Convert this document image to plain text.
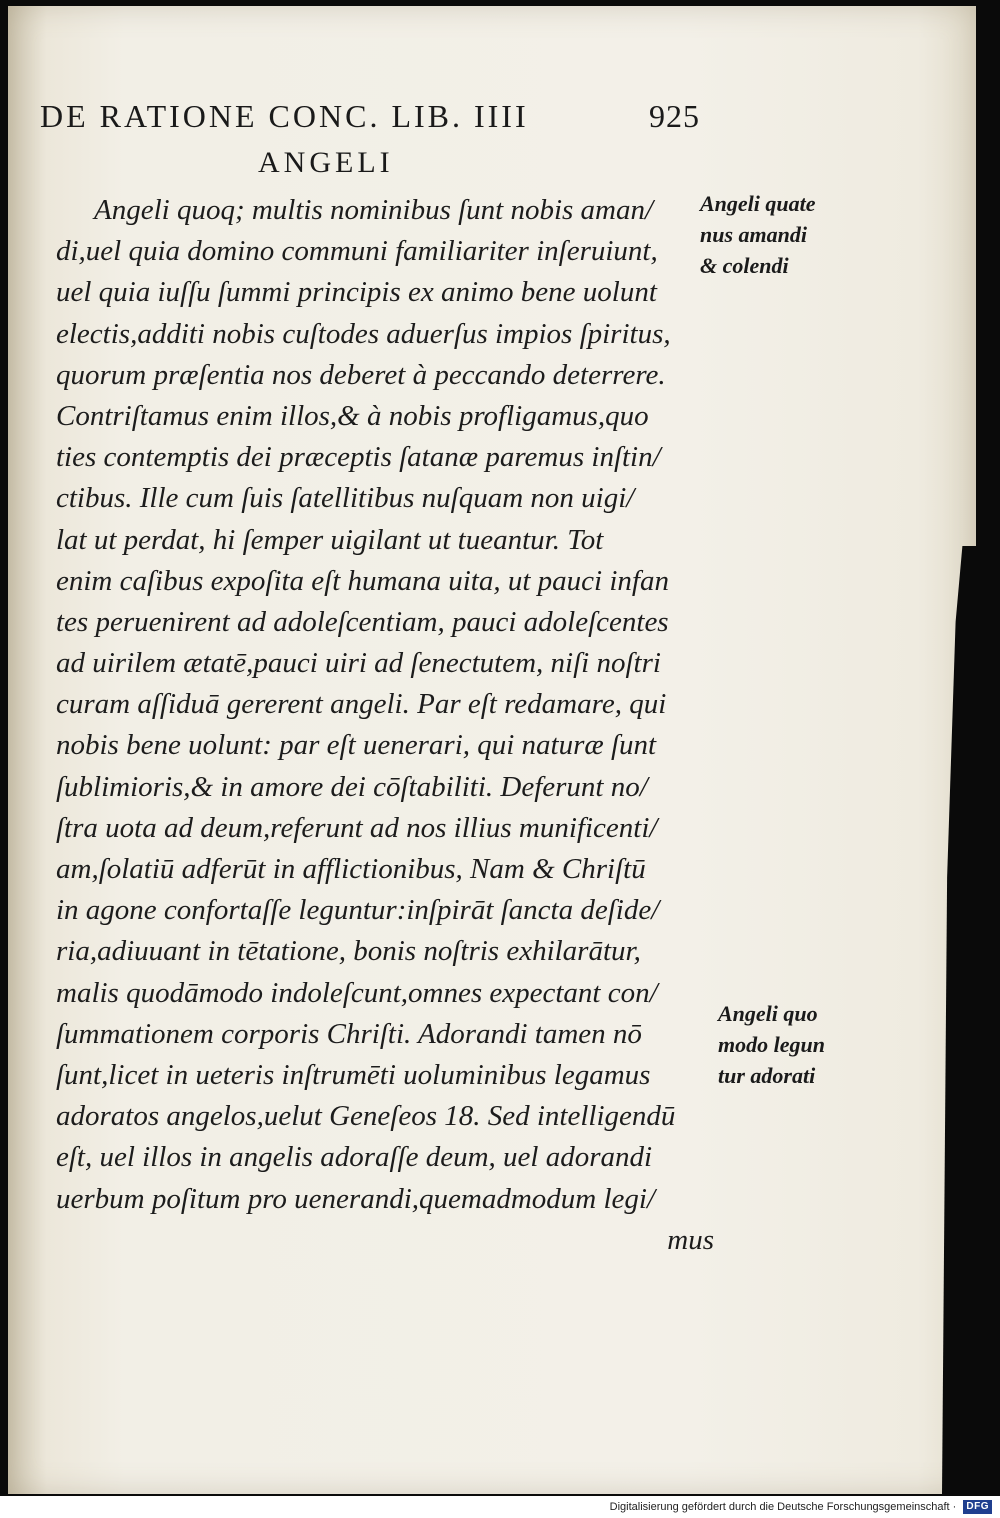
DE RATIONE CONC. LIB. IIII	925
ANGELI
Angeli quoq; multis nominibus ſunt nobis aman/
di,uel quia domino communi familiariter inſeruiunt,
uel quia iuſſu ſummi principis ex animo bene uolunt
electis,additi nobis cuſtodes aduerſus impios ſpiritus,
quorum præſentia nos deberet à peccando deterrere.
Contriſtamus enim illos,& à nobis profligamus,quo
ties contemptis dei præceptis ſatanæ paremus inſtin/
ctibus. Ille cum ſuis ſatellitibus nuſquam non uigi/
lat ut perdat, hi ſemper uigilant ut tueantur. Tot
enim caſibus expoſita eſt humana uita, ut pauci infan
tes peruenirent ad adoleſcentiam, pauci adoleſcentes
ad uirilem ætatē,pauci uiri ad ſenectutem, niſi noſtri
curam aſſiduā gererent angeli. Par eſt redamare, qui
nobis bene uolunt: par eſt uenerari, qui naturæ ſunt
ſublimioris,& in amore dei cōſtabiliti. Deferunt no/
ſtra uota ad deum,referunt ad nos illius munificenti/
am,ſolatiū adferūt in afflictionibus, Nam & Chriſtū
in agone confortaſſe leguntur:inſpirāt ſancta deſide/
ria,adiuuant in tētatione, bonis noſtris exhilarātur,
malis quodāmodo indoleſcunt,omnes expectant con/
ſummationem corporis Chriſti. Adorandi tamen nō
ſunt,licet in ueteris inſtrumēti uoluminibus legamus
adoratos angelos,uelut Geneſeos 18. Sed intelligendū
eſt, uel illos in angelis adoraſſe deum, uel adorandi
uerbum poſitum pro uenerandi,quemadmodum legi/
mus
Angeli quate
nus amandi
& colendi
Angeli quo
modo legun
tur adorati
Digitalisierung gefördert durch die Deutsche Forschungsgemeinschaft · DFG
